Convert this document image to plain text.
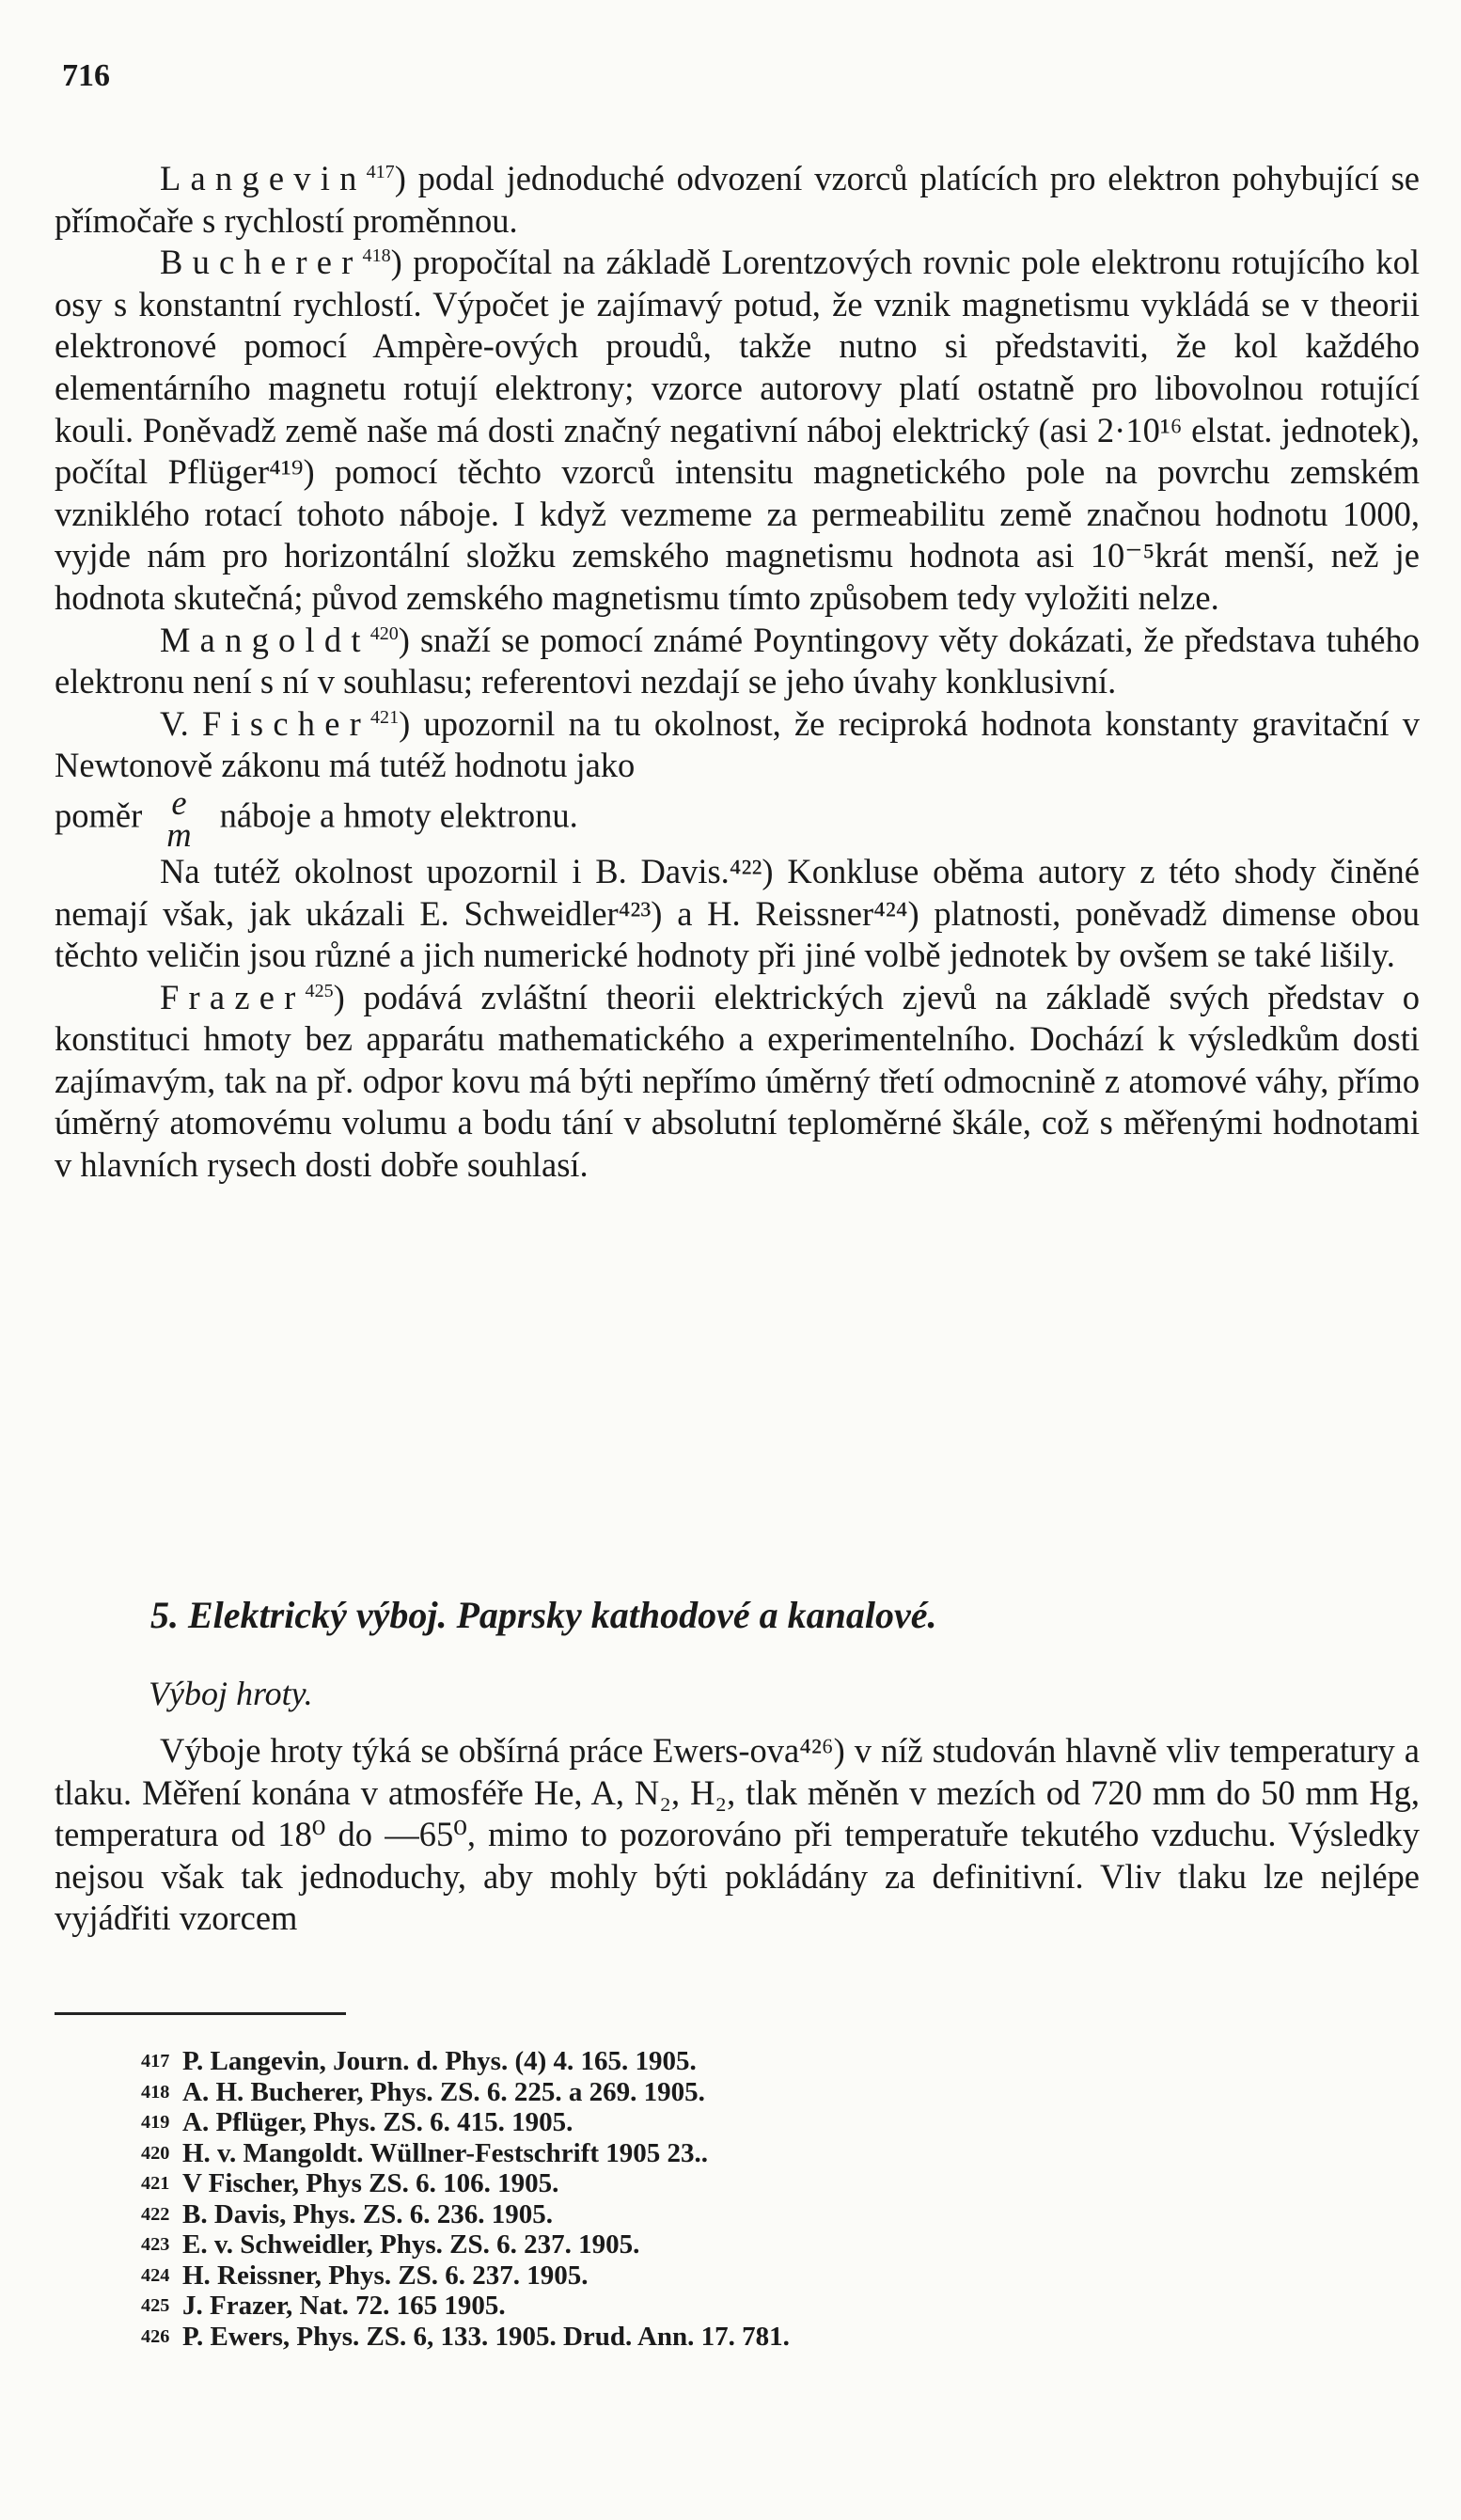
716

Langevin$^{417}$) podal jednoduché odvození vzorců platících pro elektron pohybující se přímočaře s rychlostí proměnnou.

Bucherer$^{418}$) propočítal na základě Lorentzových rovnic pole elektronu rotujícího kol osy s konstantní rychlostí. Výpočet je zajímavý potud, že vznik magnetismu vykládá se v theorii elektronové pomocí Ampère-ových proudů, takže nutno si představiti, že kol každého elementárního magnetu rotují elektrony; vzorce autorovy platí ostatně pro libovolnou rotující kouli. Poněvadž země naše má dosti značný negativní náboj elektrický (asi 2·10¹⁶ elstat. jednotek), počítal Pflüger⁴¹⁹) pomocí těchto vzorců intensitu magnetického pole na povrchu zemském vzniklého rotací tohoto náboje. I když vezmeme za permeabilitu země značnou hodnotu 1000, vyjde nám pro horizontální složku zemského magnetismu hodnota asi 10⁻⁵krát menší, než je hodnota skutečná; původ zemského magnetismu tímto způsobem tedy vyložiti nelze.

Mangoldt$^{420}$) snaží se pomocí známé Poyntingovy věty dokázati, že představa tuhého elektronu není s ní v souhlasu; referentovi nezdají se jeho úvahy konklusivní.

V. Fischer$^{421}$) upozornil na tu okolnost, že reciproká hodnota konstanty gravitační v Newtonově zákonu má tutéž hodnotu jako

poměr e
m
náboje a hmoty elektronu.

Na tutéž okolnost upozornil i B. Davis.⁴²²) Konkluse oběma autory z této shody činěné nemají však, jak ukázali E. Schweidler⁴²³) a H. Reissner⁴²⁴) platnosti, poněvadž dimense obou těchto veličin jsou různé a jich numerické hodnoty při jiné volbě jednotek by ovšem se také lišily.

Frazer$^{425}$) podává zvláštní theorii elektrických zjevů na základě svých představ o konstituci hmoty bez apparátu mathematického a experimentelního. Dochází k výsledkům dosti zajímavým, tak na př. odpor kovu má býti nepřímo úměrný třetí odmocnině z atomové váhy, přímo úměrný atomovému volumu a bodu tání v absolutní teploměrné škále, což s měřenými hodnotami v hlavních rysech dosti dobře souhlasí.

5. Elektrický výboj. Paprsky kathodové a kanalové.
Výboj hroty.

Výboje hroty týká se obšírná práce Ewers-ova⁴²⁶) v níž studován hlavně vliv temperatury a tlaku. Měření konána v atmosféře He, A, N₂, H₂, tlak měněn v mezích od 720 mm do 50 mm Hg, temperatura od 18⁰ do —65⁰, mimo to pozorováno při temperatuře tekutého vzduchu. Výsledky nejsou však tak jednoduchy, aby mohly býti pokládány za definitivní. Vliv tlaku lze nejlépe vyjádřiti vzorcem

417 P. Langevin, Journ. d. Phys. (4) 4. 165. 1905.
418 A. H. Bucherer, Phys. ZS. 6. 225. a 269. 1905.
419 A. Pflüger, Phys. ZS. 6. 415. 1905.
420 H. v. Mangoldt. Wüllner-Festschrift 1905 23..
421 V Fischer, Phys ZS. 6. 106. 1905.
422 B. Davis, Phys. ZS. 6. 236. 1905.
423 E. v. Schweidler, Phys. ZS. 6. 237. 1905.
424 H. Reissner, Phys. ZS. 6. 237. 1905.
425 J. Frazer, Nat. 72. 165 1905.
426 P. Ewers, Phys. ZS. 6, 133. 1905. Drud. Ann. 17. 781.
